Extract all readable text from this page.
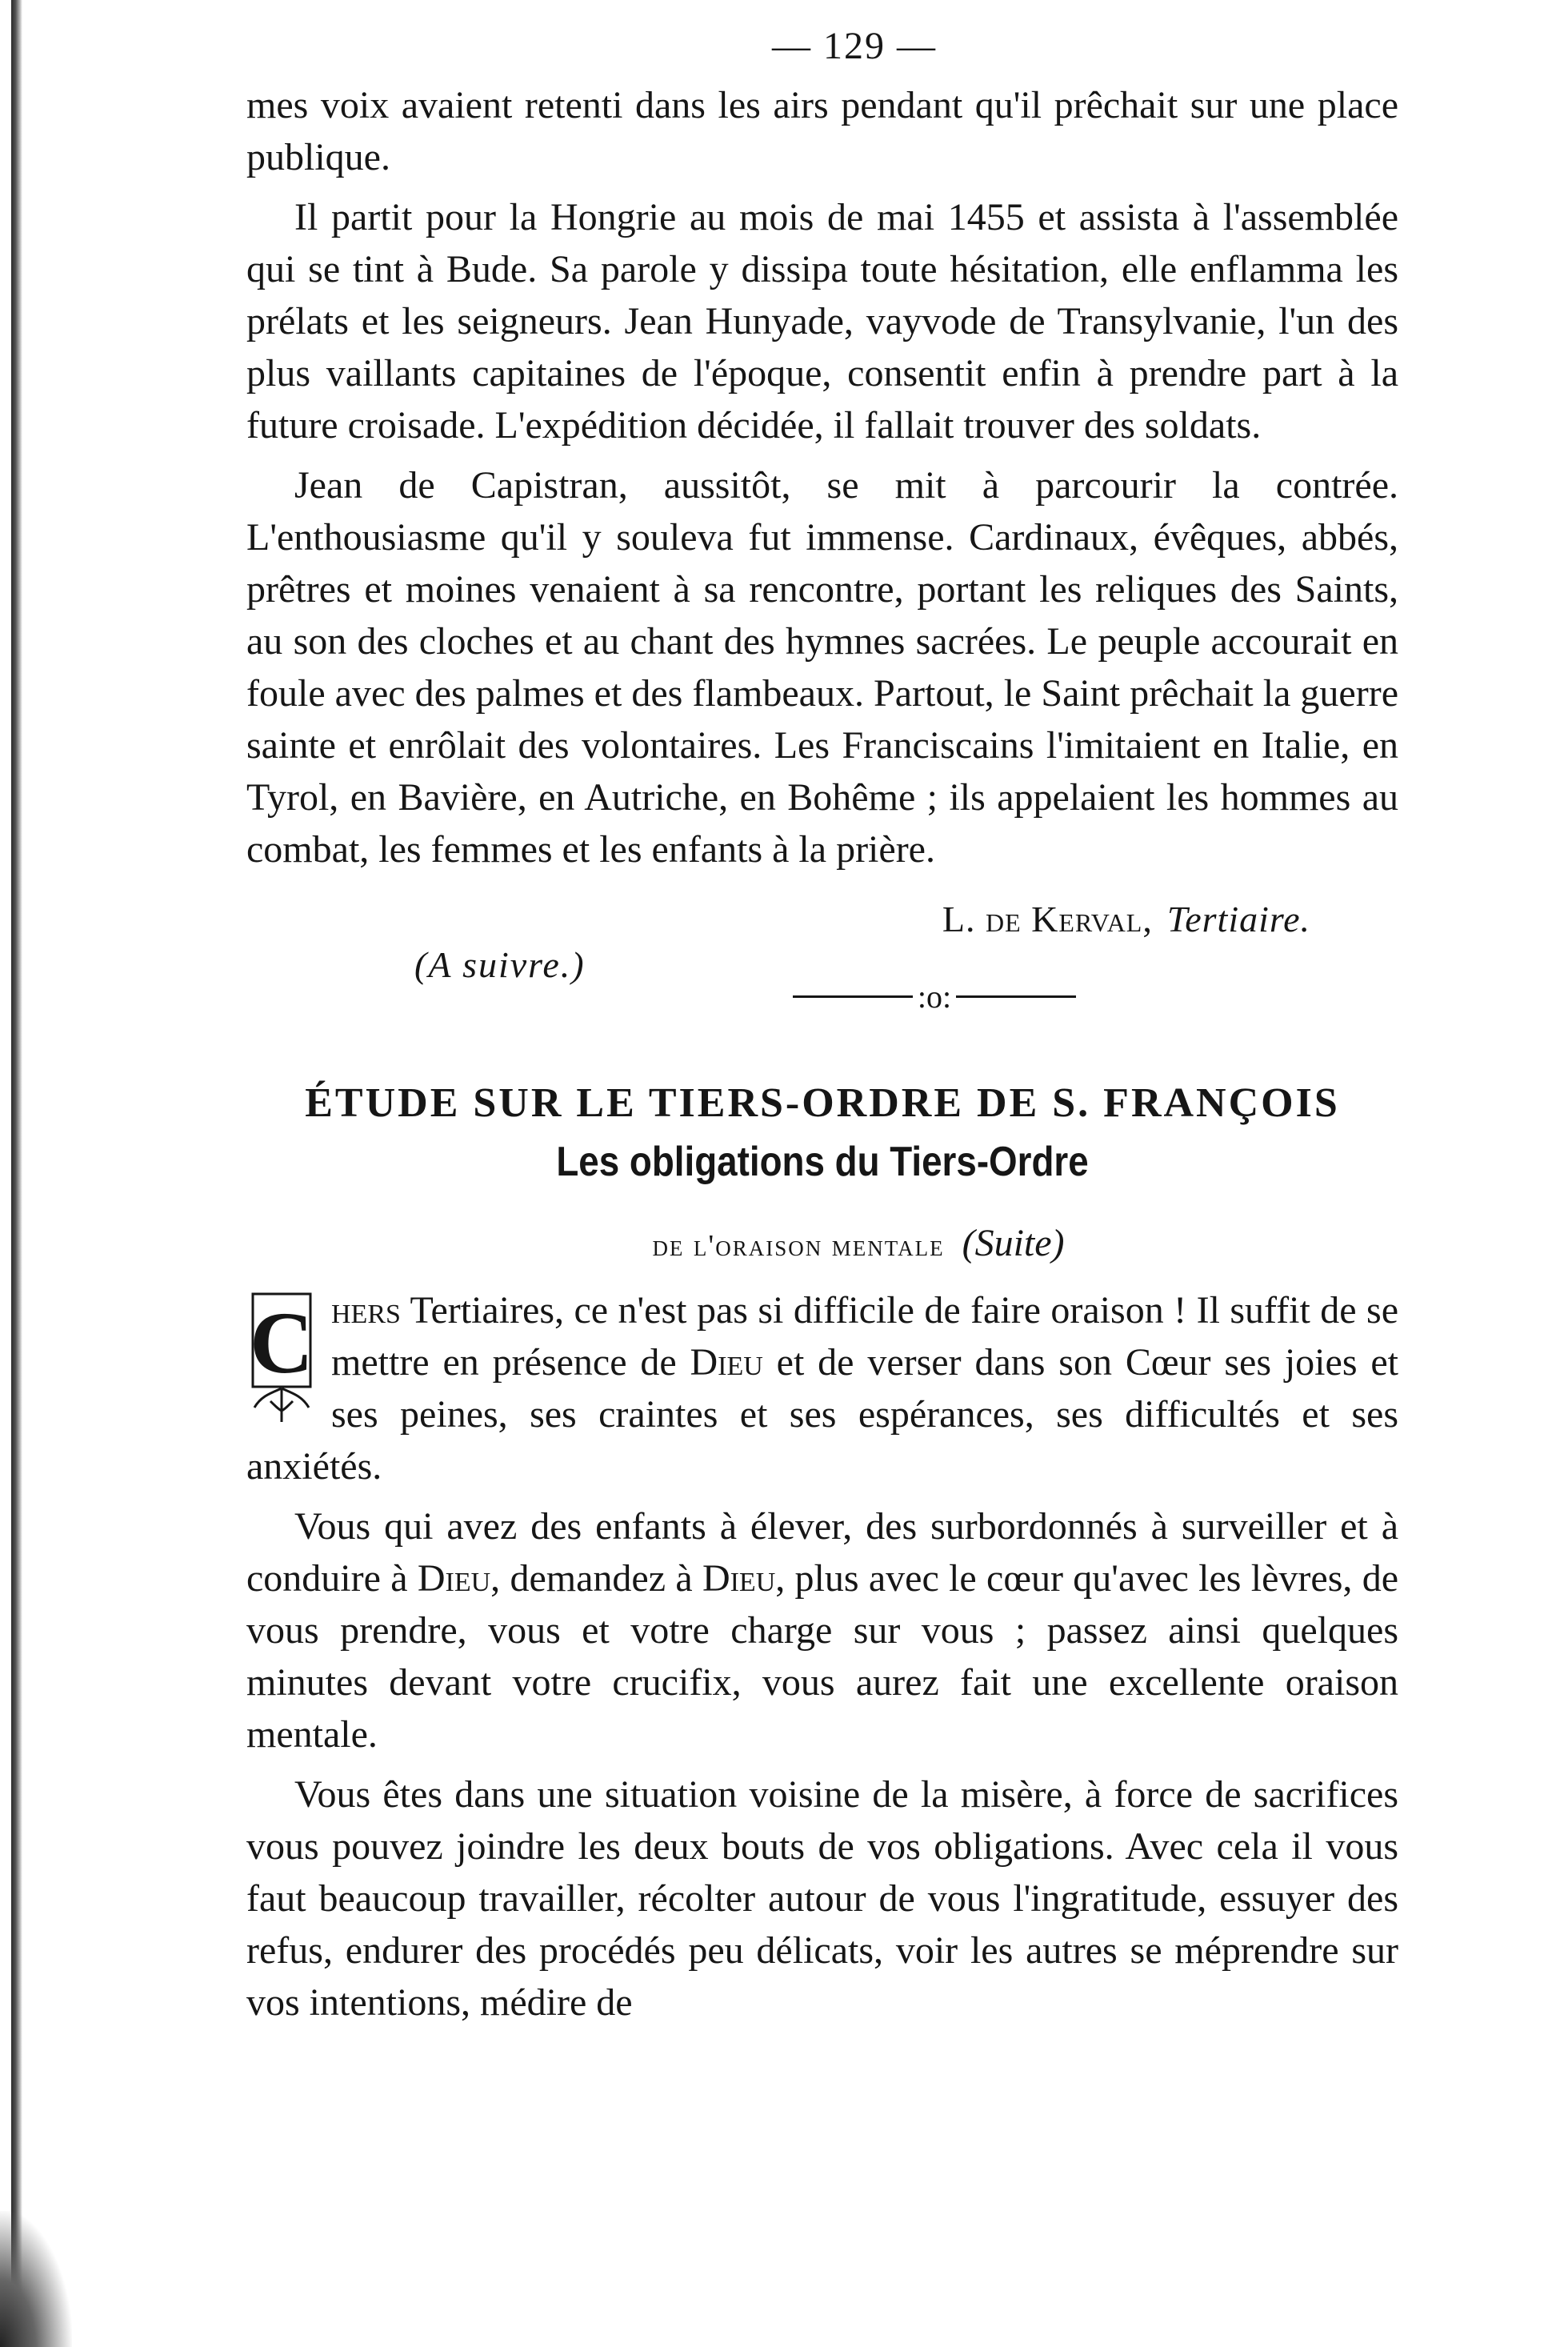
— 129 —

mes voix avaient retenti dans les airs pendant qu'il prêchait sur une place publique.

Il partit pour la Hongrie au mois de mai 1455 et assista à l'assemblée qui se tint à Bude. Sa parole y dissipa toute hésitation, elle enflamma les prélats et les seigneurs. Jean Hunyade, vayvode de Transylvanie, l'un des plus vaillants capitaines de l'époque, consentit enfin à prendre part à la future croisade. L'expédition décidée, il fallait trouver des soldats.

Jean de Capistran, aussitôt, se mit à parcourir la contrée. L'enthousiasme qu'il y souleva fut immense. Cardinaux, évêques, abbés, prêtres et moines venaient à sa rencontre, portant les reliques des Saints, au son des cloches et au chant des hymnes sacrées. Le peuple accourait en foule avec des palmes et des flambeaux. Partout, le Saint prêchait la guerre sainte et enrôlait des volontaires. Les Franciscains l'imitaient en Italie, en Tyrol, en Bavière, en Autriche, en Bohême ; ils appelaient les hommes au combat, les femmes et les enfants à la prière.

L. de Kerval, Tertiaire.
(A suivre.)
:o:
ÉTUDE SUR LE TIERS-ORDRE DE S. FRANÇOIS
Les obligations du Tiers-Ordre
de l'oraison mentale (Suite)

C hers Tertiaires, ce n'est pas si difficile de faire oraison ! Il suffit de se mettre en présence de Dieu et de verser dans son Cœur ses joies et ses peines, ses craintes et ses espérances, ses difficultés et ses anxiétés.

Vous qui avez des enfants à élever, des surbordonnés à surveiller et à conduire à Dieu, demandez à Dieu, plus avec le cœur qu'avec les lèvres, de vous prendre, vous et votre charge sur vous ; passez ainsi quelques minutes devant votre crucifix, vous aurez fait une excellente oraison mentale.

Vous êtes dans une situation voisine de la misère, à force de sacrifices vous pouvez joindre les deux bouts de vos obligations. Avec cela il vous faut beaucoup travailler, récolter autour de vous l'ingratitude, essuyer des refus, endurer des procédés peu délicats, voir les autres se méprendre sur vos intentions, médire de
